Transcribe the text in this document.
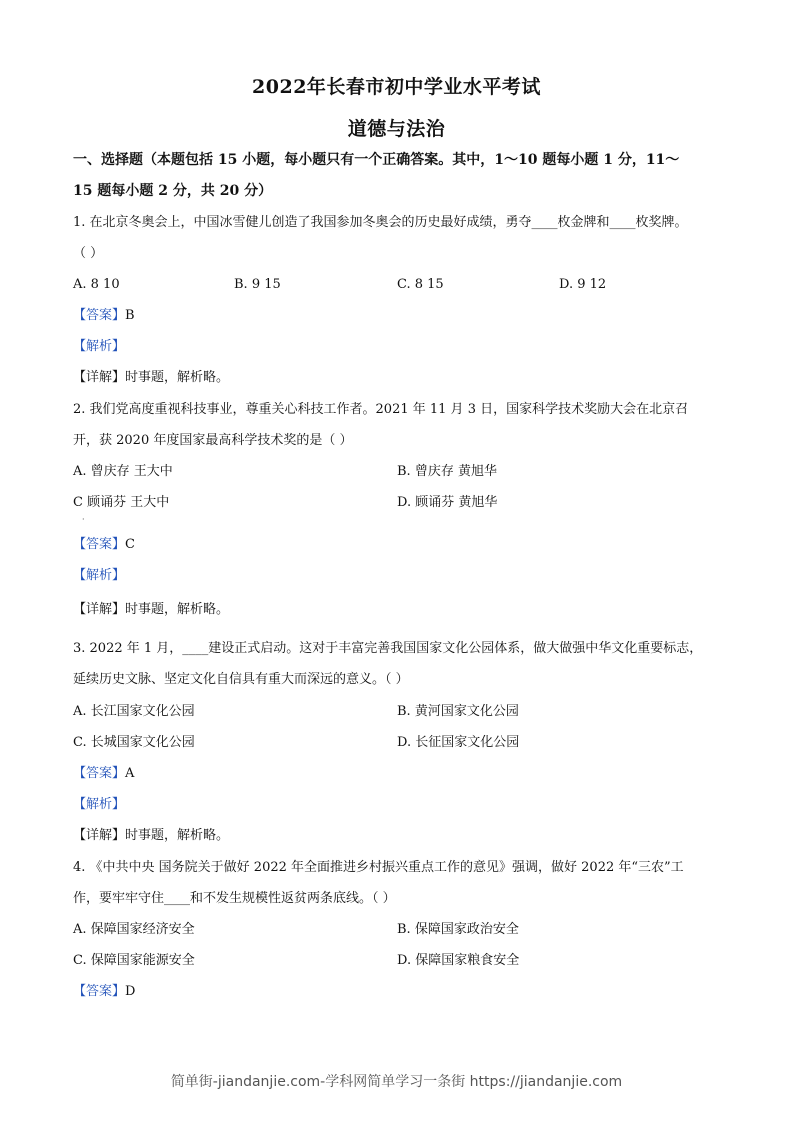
2022年长春市初中学业水平考试
道德与法治
一、选择题（本题包括 15 小题，每小题只有一个正确答案。其中，1～10 题每小题 1 分，11～
15 题每小题 2 分，共 20 分）
1. 在北京冬奥会上，中国冰雪健儿创造了我国参加冬奥会的历史最好成绩，勇夺____枚金牌和____枚奖牌。
（ ）
A. 8 10	B. 9 15	C. 8 15	D. 9 12
【答案】B
【解析】
【详解】时事题，解析略。
2. 我们党高度重视科技事业，尊重关心科技工作者。2021 年 11 月 3 日，国家科学技术奖励大会在北京召
开，获 2020 年度国家最高科学技术奖的是（ ）
A. 曾庆存 王大中	B. 曾庆存 黄旭华
C 顾诵芬 王大中	D. 顾诵芬 黄旭华
·
【答案】C
【解析】
【详解】时事题，解析略。
3. 2022 年 1 月，____建设正式启动。这对于丰富完善我国国家文化公园体系，做大做强中华文化重要标志，
延续历史文脉、坚定文化自信具有重大而深远的意义。（ ）
A. 长江国家文化公园	B. 黄河国家文化公园
C. 长城国家文化公园	D. 长征国家文化公园
【答案】A
【解析】
【详解】时事题，解析略。
4. 《中共中央 国务院关于做好 2022 年全面推进乡村振兴重点工作的意见》强调，做好 2022 年“三农”工
作，要牢牢守住____和不发生规模性返贫两条底线。（ ）
A. 保障国家经济安全	B. 保障国家政治安全
C. 保障国家能源安全	D. 保障国家粮食安全
【答案】D
简单街-jiandanjie.com-学科网简单学习一条街 https://jiandanjie.com
